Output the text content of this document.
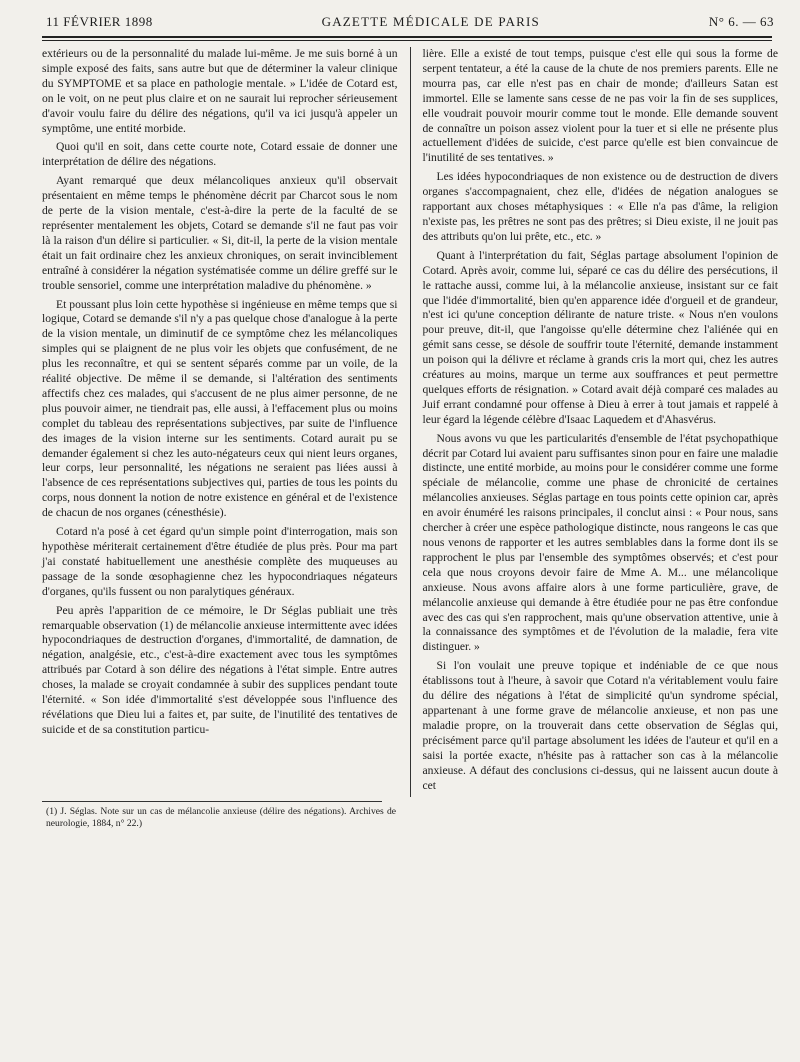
11 FÉVRIER 1898	GAZETTE MÉDICALE DE PARIS	N° 6. — 63

extérieurs ou de la personnalité du malade lui-même. Je me suis borné à un simple exposé des faits, sans autre but que de déterminer la valeur clinique du SYMPTOME et sa place en pathologie mentale. » L'idée de Cotard est, on le voit, on ne peut plus claire et on ne saurait lui reprocher sérieusement d'avoir voulu faire du délire des négations, qu'il va ici jusqu'à appeler un symptôme, une entité morbide.

Quoi qu'il en soit, dans cette courte note, Cotard essaie de donner une interprétation de délire des négations.

Ayant remarqué que deux mélancoliques anxieux qu'il observait présentaient en même temps le phénomène décrit par Charcot sous le nom de perte de la vision mentale, c'est-à-dire la perte de la faculté de se représenter mentalement les objets, Cotard se demande s'il ne faut pas voir là la raison d'un délire si particulier. « Si, dit-il, la perte de la vision mentale était un fait ordinaire chez les anxieux chroniques, on serait invinciblement entraîné à considérer la négation systématisée comme un délire greffé sur le trouble sensoriel, comme une interprétation maladive du phénomène. »

Et poussant plus loin cette hypothèse si ingénieuse en même temps que si logique, Cotard se demande s'il n'y a pas quelque chose d'analogue à la perte de la vision mentale, un diminutif de ce symptôme chez les mélancoliques simples qui se plaignent de ne plus voir les objets que confusément, de ne plus les reconnaître, et qui se sentent séparés comme par un voile, de la réalité objective. De même il se demande, si l'altération des sentiments affectifs chez ces malades, qui s'accusent de ne plus aimer personne, de ne plus pouvoir aimer, ne tiendrait pas, elle aussi, à l'effacement plus ou moins complet du tableau des représentations subjectives, par suite de l'influence des images de la vision interne sur les sentiments. Cotard aurait pu se demander également si chez les auto-négateurs ceux qui nient leurs organes, leur corps, leur personnalité, les négations ne seraient pas liées aussi à l'absence de ces représentations subjectives qui, parties de tous les points du corps, nous donnent la notion de notre existence en général et de l'existence de chacun de nos organes (cénesthésie).

Cotard n'a posé à cet égard qu'un simple point d'interrogation, mais son hypothèse mériterait certainement d'être étudiée de plus près. Pour ma part j'ai constaté habituellement une anesthésie complète des muqueuses au passage de la sonde œsophagienne chez les hypocondriaques négateurs d'organes, qu'ils fussent ou non paralytiques généraux.

Peu après l'apparition de ce mémoire, le Dr Séglas publiait une très remarquable observation (1) de mélancolie anxieuse intermittente avec idées hypocondriaques de destruction d'organes, d'immortalité, de damnation, de négation, analgésie, etc., c'est-à-dire exactement avec tous les symptômes attribués par Cotard à son délire des négations à l'état simple. Entre autres choses, la malade se croyait condamnée à subir des supplices pendant toute l'éternité. « Son idée d'immortalité s'est développée sous l'influence des révélations que Dieu lui a faites et, par suite, de l'inutilité des tentatives de suicide et de sa constitution particu-

lière. Elle a existé de tout temps, puisque c'est elle qui sous la forme de serpent tentateur, a été la cause de la chute de nos premiers parents. Elle ne mourra pas, car elle n'est pas en chair de monde; d'ailleurs Satan est immortel. Elle se lamente sans cesse de ne pas voir la fin de ses supplices, elle voudrait pouvoir mourir comme tout le monde. Elle demande souvent de connaître un poison assez violent pour la tuer et si elle ne présente plus actuellement d'idées de suicide, c'est parce qu'elle est bien convaincue de l'inutilité de ses tentatives. »

Les idées hypocondriaques de non existence ou de destruction de divers organes s'accompagnaient, chez elle, d'idées de négation analogues se rapportant aux choses métaphysiques : « Elle n'a pas d'âme, la religion n'existe pas, les prêtres ne sont pas des prêtres; si Dieu existe, il ne jouit pas des attributs qu'on lui prête, etc., etc. »

Quant à l'interprétation du fait, Séglas partage absolument l'opinion de Cotard. Après avoir, comme lui, séparé ce cas du délire des persécutions, il le rattache aussi, comme lui, à la mélancolie anxieuse, insistant sur ce fait que l'idée d'immortalité, bien qu'en apparence idée d'orgueil et de grandeur, n'est ici qu'une conception délirante de nature triste. « Nous n'en voulons pour preuve, dit-il, que l'angoisse qu'elle détermine chez l'aliénée qui en gémit sans cesse, se désole de souffrir toute l'éternité, demande instamment un poison qui la délivre et réclame à grands cris la mort qui, chez les autres créatures au moins, marque un terme aux souffrances et peut permettre quelques efforts de résignation. » Cotard avait déjà comparé ces malades au Juif errant condamné pour offense à Dieu à errer à tout jamais et rappelé à leur égard la légende célèbre d'Isaac Laquedem et d'Ahasvérus.

Nous avons vu que les particularités d'ensemble de l'état psychopathique décrit par Cotard lui avaient paru suffisantes sinon pour en faire une maladie distincte, une entité morbide, au moins pour le considérer comme une forme spéciale de mélancolie, comme une phase de chronicité de certaines mélancolies anxieuses. Séglas partage en tous points cette opinion car, après en avoir énuméré les raisons principales, il conclut ainsi : « Pour nous, sans chercher à créer une espèce pathologique distincte, nous rangeons le cas que nous venons de rapporter et les autres semblables dans la forme dont ils se rapprochent le plus par l'ensemble des symptômes observés; et c'est pour cela que nous croyons devoir faire de Mme A. M... une mélancolique anxieuse. Nous avons affaire alors à une forme particulière, grave, de mélancolie anxieuse qui demande à être étudiée pour ne pas être confondue avec des cas qui s'en rapprochent, mais qu'une observation attentive, unie à la connaissance des symptômes et de l'évolution de la maladie, fera vite distinguer. »

Si l'on voulait une preuve topique et indéniable de ce que nous établissons tout à l'heure, à savoir que Cotard n'a véritablement voulu faire du délire des négations à l'état de simplicité qu'un syndrome spécial, appartenant à une forme grave de mélancolie anxieuse, et non pas une maladie propre, on la trouverait dans cette observation de Séglas qui, précisément parce qu'il partage absolument les idées de l'auteur et qu'il en a saisi la portée exacte, n'hésite pas à rattacher son cas à la mélancolie anxieuse. A défaut des conclusions ci-dessus, qui ne laissent aucun doute à cet

(1) J. Séglas. Note sur un cas de mélancolie anxieuse (délire des négations). Archives de neurologie, 1884, n° 22.)
